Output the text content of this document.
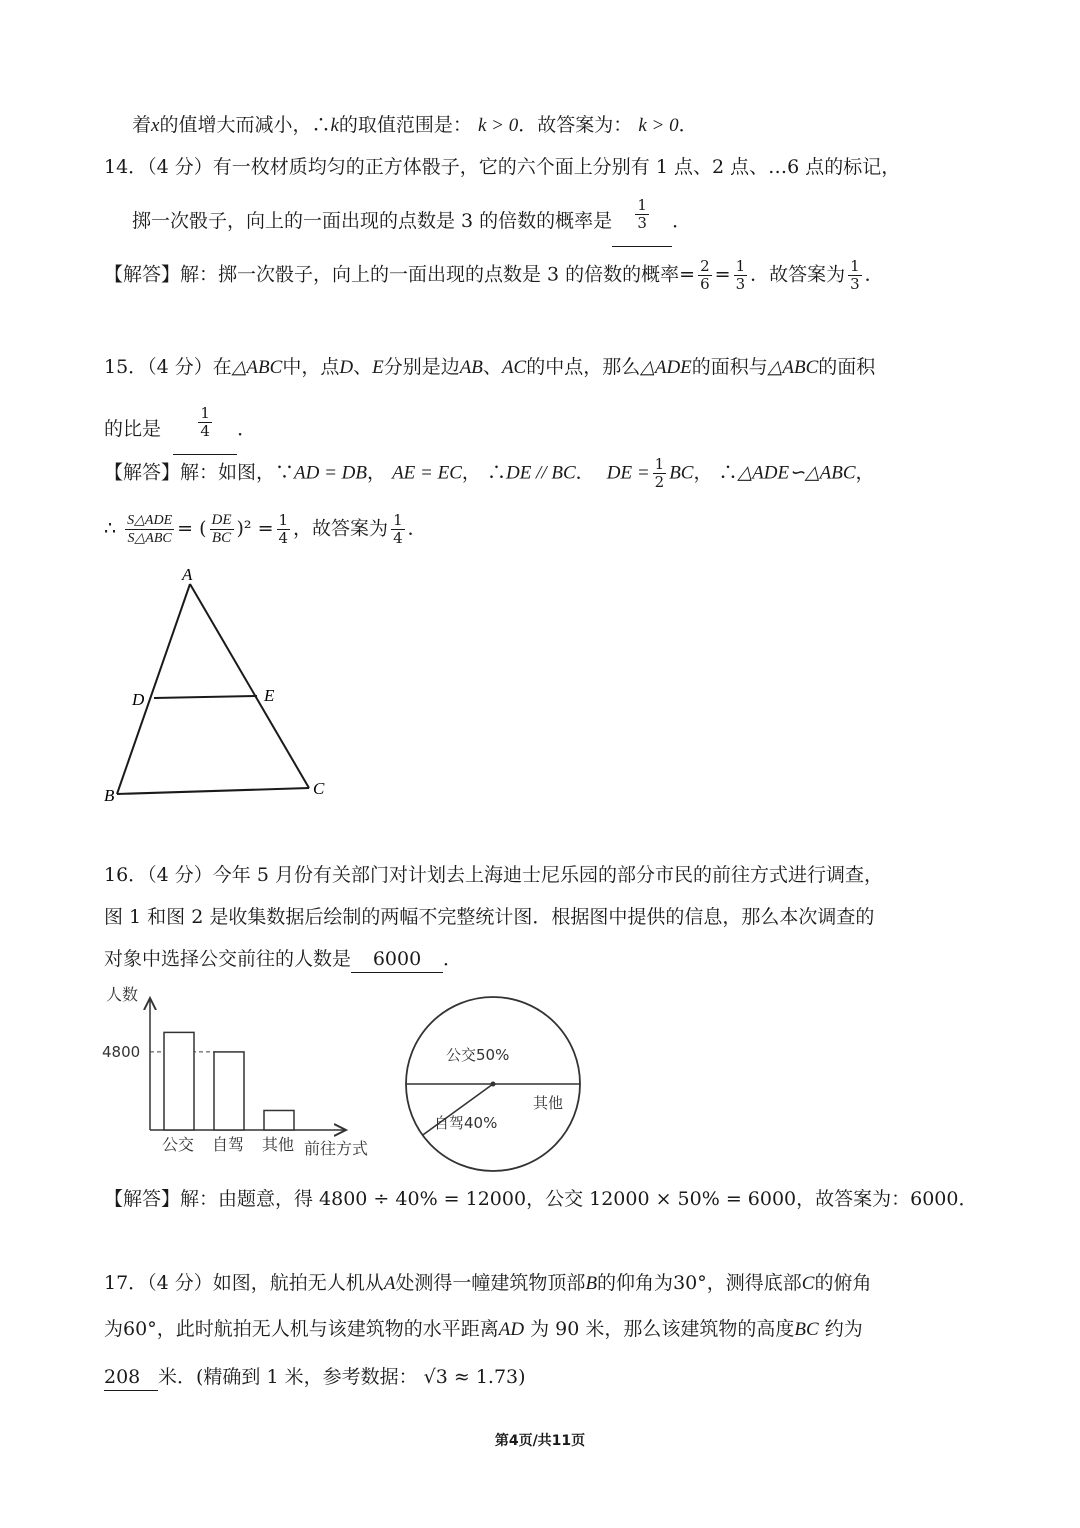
着x的值增大而减小，∴k的取值范围是： k > 0．故答案为： k > 0．
14．（4 分）有一枚材质均匀的正方体骰子，它的六个面上分别有 1 点、2 点、…6 点的标记，
掷一次骰子，向上的一面出现的点数是 3 的倍数的概率是 $\frac{1}{3}$ ．
【解答】解：掷一次骰子，向上的一面出现的点数是 3 的倍数的概率= $\frac{2}{6} = \frac{1}{3}$ ．故答案为 $\frac{1}{3}$ ．
15．（4 分）在△ABC中，点D、E分别是边AB、AC的中点，那么△ADE的面积与△ABC的面积
的比是 $\frac{1}{4}$ ．
【解答】解：如图，∵AD = DB， AE = EC， ∴DE // BC． DE = $\frac{1}{2}$ BC， ∴△ADE∽△ABC，
∴ $\frac{\text{S△ADE}}{\text{S△ABC}}$ = ( $\frac{DE}{BC} )^2 = \frac{1}{4}$ ，故答案为 $\frac{1}{4}$ ．
A
D	E
B	C
16．（4 分）今年 5 月份有关部门对计划去上海迪士尼乐园的部分市民的前往方式进行调查，
图 1 和图 2 是收集数据后绘制的两幅不完整统计图．根据图中提供的信息，那么本次调查的
对象中选择公交前往的人数是 6000 ．
人数
前往方式
4800
公交 自驾 其他
公交50%
自驾40%
其他
【解答】解：由题意，得 4800 ÷ 40% = 12000，公交 12000 × 50% = 6000，故答案为：6000．
17．（4 分）如图，航拍无人机从A处测得一幢建筑物顶部B的仰角为30°，测得底部C的俯角
为60°，此时航拍无人机与该建筑物的水平距离AD 为 90 米，那么该建筑物的高度BC 约为
208 米．(精确到 1 米，参考数据： √3 ≈ 1.73)
第4页/共11页
